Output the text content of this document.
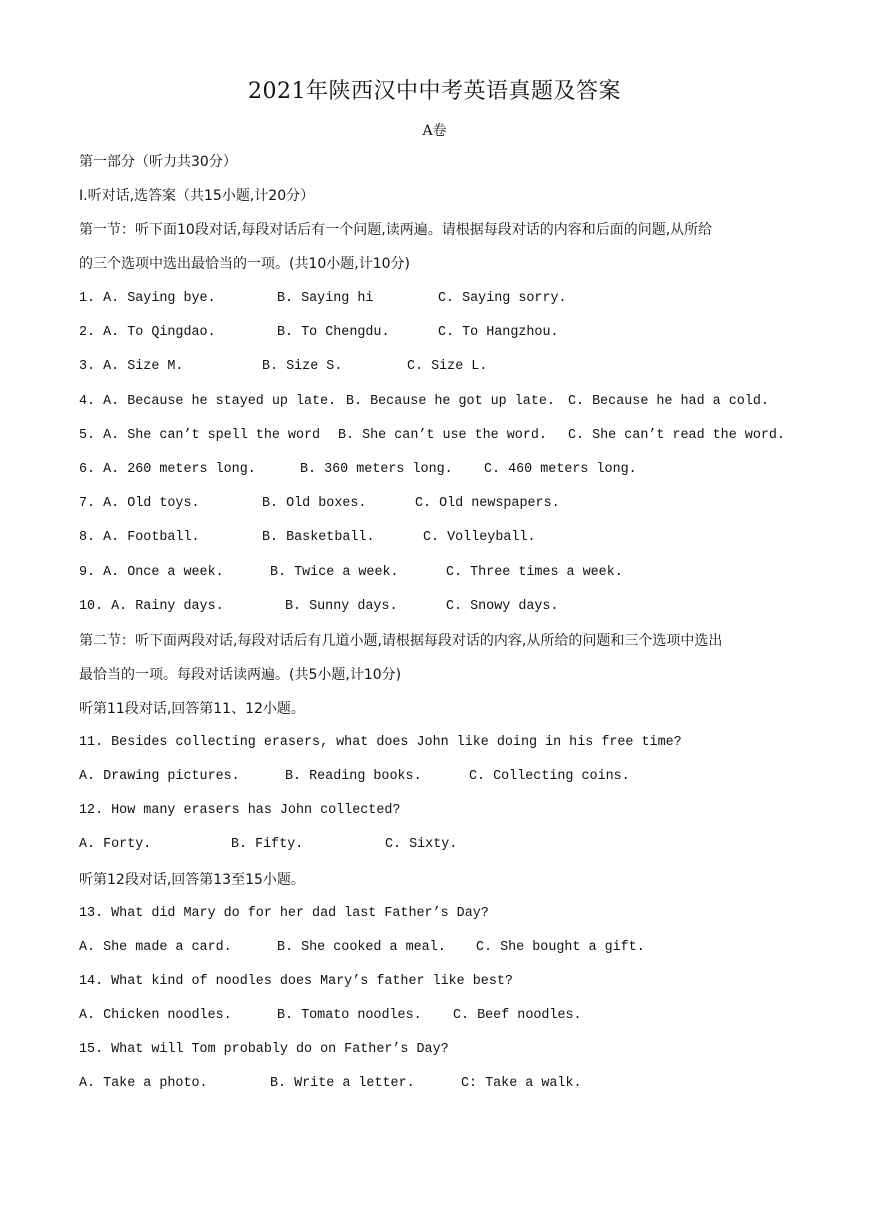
2021年陕西汉中中考英语真题及答案
A卷
第一部分（听力共30分）
Ⅰ.听对话,选答案（共15小题,计20分）
第一节：听下面10段对话,每段对话后有一个问题,读两遍。请根据每段对话的内容和后面的问题,从所给
的三个选项中选出最恰当的一项。(共10小题,计10分)
1. A. Saying bye.	B. Saying hi	C. Saying sorry.
2. A. To Qingdao.	B. To Chengdu.	C. To Hangzhou.
3. A. Size M.	B. Size S.	C. Size L.
4. A. Because he stayed up late. B. Because he got up late. C. Because he had a cold.
5. A. She can’t spell the word B. She can’t use the word. C. She can’t read the word.
6. A. 260 meters long.	B. 360 meters long. C. 460 meters long.
7. A. Old toys.	B. Old boxes.	C. Old newspapers.
8. A. Football.	B. Basketball.	C. Volleyball.
9. A. Once a week.	B. Twice a week.	C. Three times a week.
10. A. Rainy days.	B. Sunny days.	C. Snowy days.
第二节：听下面两段对话,每段对话后有几道小题,请根据每段对话的内容,从所给的问题和三个选项中选出
最恰当的一项。每段对话读两遍。(共5小题,计10分)
听第11段对话,回答第11、12小题。
11. Besides collecting erasers, what does John like doing in his free time?
A. Drawing pictures.	B. Reading books.	C. Collecting coins.
12. How many erasers has John collected?
A. Forty.	B. Fifty.	C. Sixty.
听第12段对话,回答第13至15小题。
13. What did Mary do for her dad last Father’s Day?
A. She made a card.	B. She cooked a meal. C. She bought a gift.
14. What kind of noodles does Mary’s father like best?
A. Chicken noodles.	B. Tomato noodles. C. Beef noodles.
15. What will Tom probably do on Father’s Day?
A. Take a photo.	B. Write a letter.	C: Take a walk.
